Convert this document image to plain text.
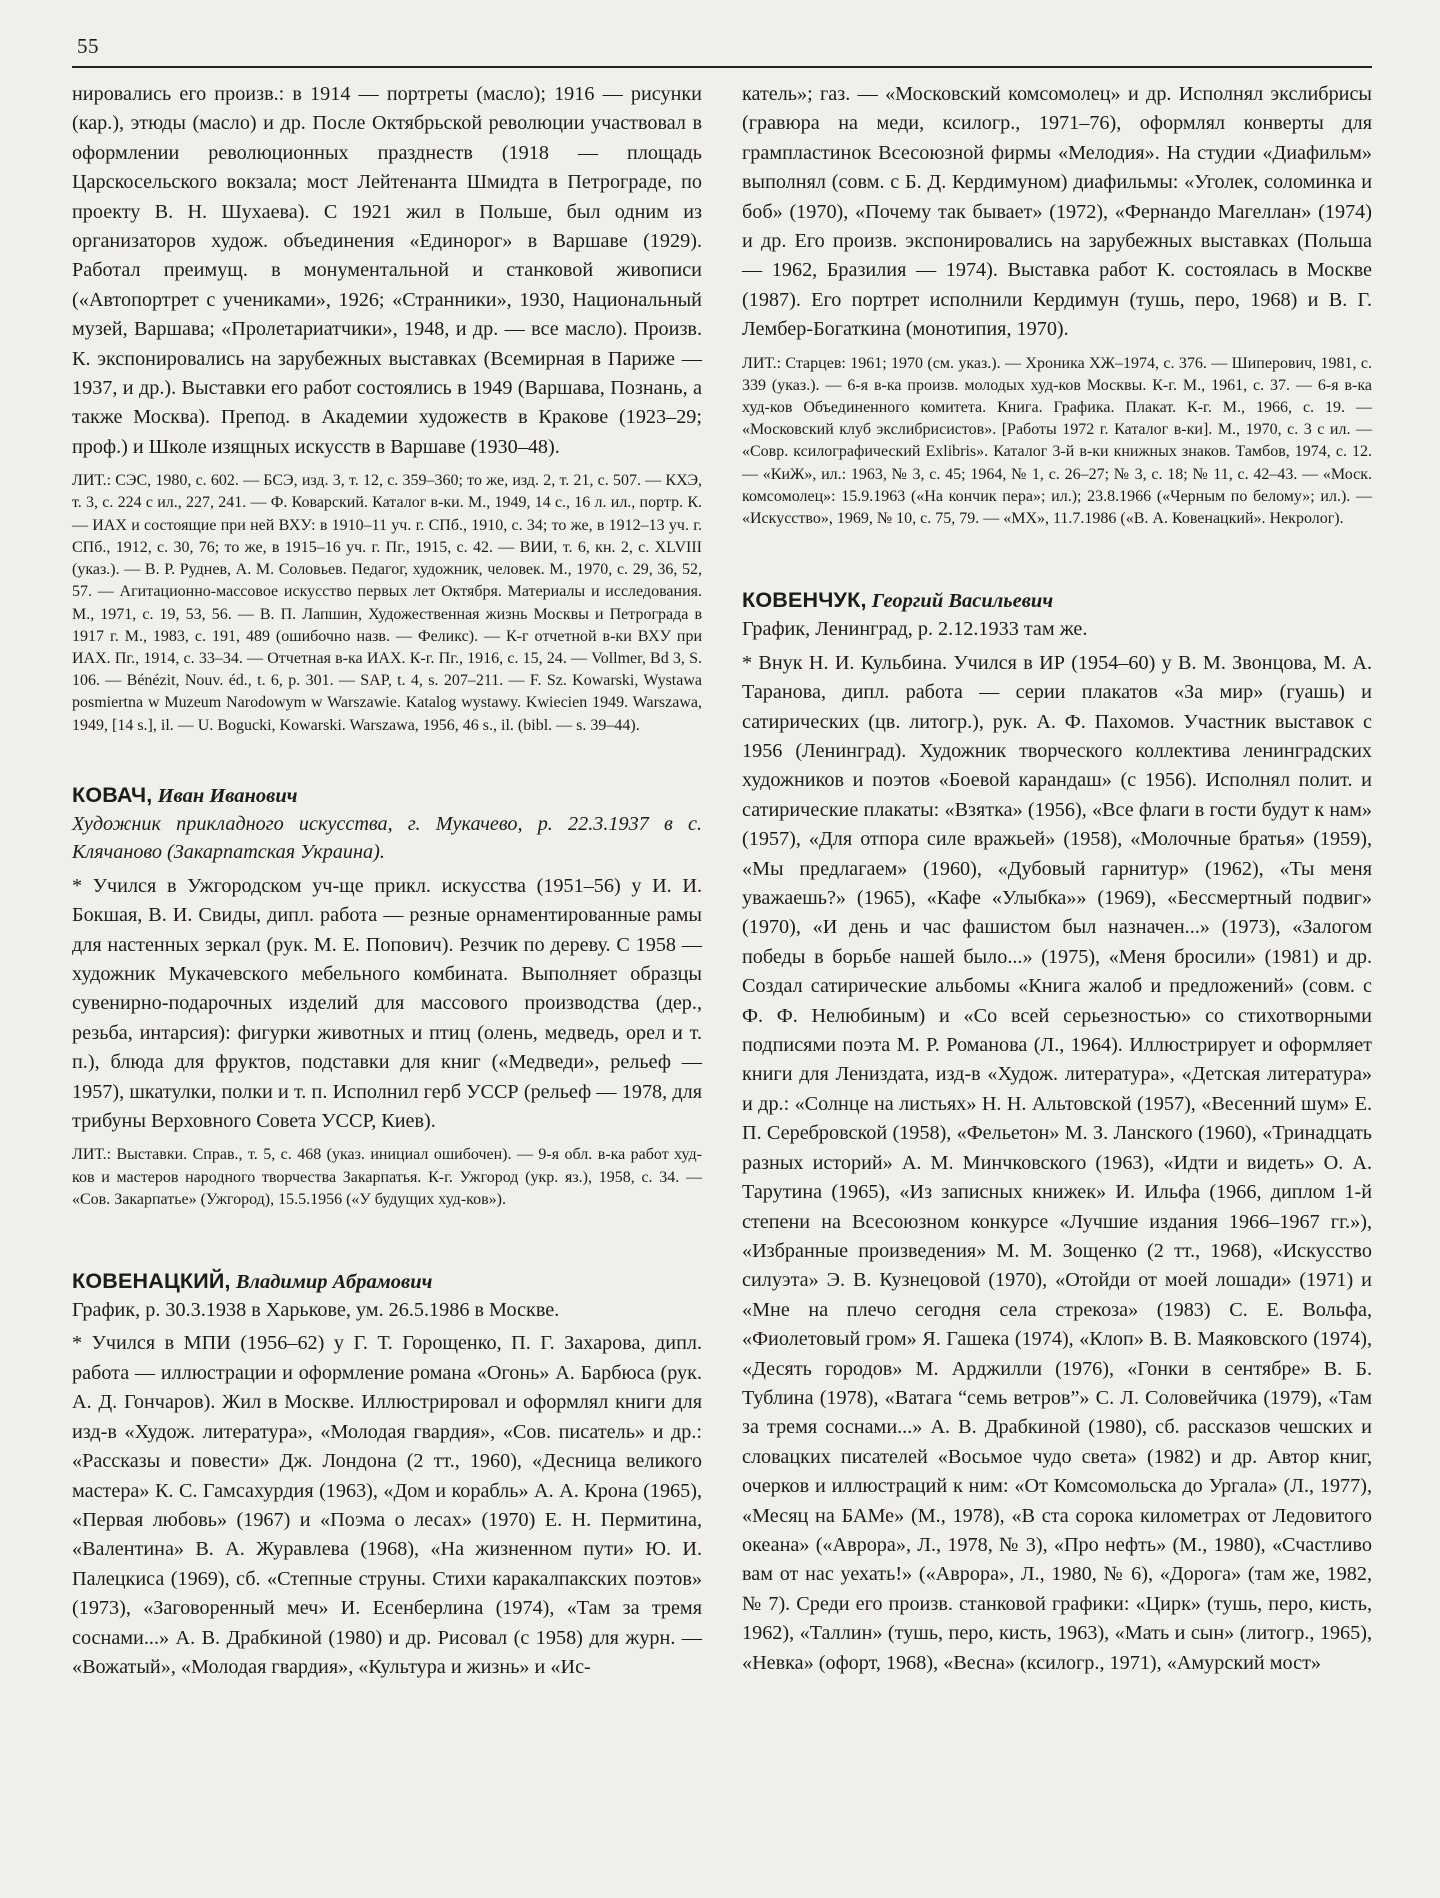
55

нировались его произв.: в 1914 — портреты (масло); 1916 — рисунки (кар.), этюды (масло) и др. После Октябрьской революции участвовал в оформлении революционных празднеств (1918 — площадь Царскосельского вокзала; мост Лейтенанта Шмидта в Петрограде, по проекту В. Н. Шухаева). С 1921 жил в Польше, был одним из организаторов худож. объединения «Единорог» в Варшаве (1929). Работал преимущ. в монументальной и станковой живописи («Автопортрет с учениками», 1926; «Странники», 1930, Национальный музей, Варшава; «Пролетариатчики», 1948, и др. — все масло). Произв. К. экспонировались на зарубежных выставках (Всемирная в Париже — 1937, и др.). Выставки его работ состоялись в 1949 (Варшава, Познань, а также Москва). Препод. в Академии художеств в Кракове (1923–29; проф.) и Школе изящных искусств в Варшаве (1930–48).

ЛИТ.: СЭС, 1980, с. 602. — БСЭ, изд. 3, т. 12, с. 359–360; то же, изд. 2, т. 21, с. 507. — КХЭ, т. 3, с. 224 с ил., 227, 241. — Ф. Коварский. Каталог в-ки. М., 1949, 14 с., 16 л. ил., портр. К. — ИАХ и состоящие при ней ВХУ: в 1910–11 уч. г. СПб., 1910, с. 34; то же, в 1912–13 уч. г. СПб., 1912, с. 30, 76; то же, в 1915–16 уч. г. Пг., 1915, с. 42. — ВИИ, т. 6, кн. 2, с. XLVIII (указ.). — В. Р. Руднев, А. М. Соловьев. Педагог, художник, человек. М., 1970, с. 29, 36, 52, 57. — Агитационно-массовое искусство первых лет Октября. Материалы и исследования. М., 1971, с. 19, 53, 56. — В. П. Лапшин, Художественная жизнь Москвы и Петрограда в 1917 г. М., 1983, с. 191, 489 (ошибочно назв. — Феликс). — К-г отчетной в-ки ВХУ при ИАХ. Пг., 1914, с. 33–34. — Отчетная в-ка ИАХ. К-г. Пг., 1916, с. 15, 24. — Vollmer, Bd 3, S. 106. — Bénézit, Nouv. éd., t. 6, p. 301. — SAP, t. 4, s. 207–211. — F. Sz. Kowarski, Wystawa posmiertna w Muzeum Narodowym w Warszawie. Katalog wystawy. Kwiecien 1949. Warszawa, 1949, [14 s.], il. — U. Bogucki, Kowarski. Warszawa, 1956, 46 s., il. (bibl. — s. 39–44).

КОВАЧ, Иван Иванович

Художник прикладного искусства, г. Мукачево, р. 22.3.1937 в с. Клячаново (Закарпатская Украина).

* Учился в Ужгородском уч-ще прикл. искусства (1951–56) у И. И. Бокшая, В. И. Свиды, дипл. работа — резные орнаментированные рамы для настенных зеркал (рук. М. Е. Попович). Резчик по дереву. С 1958 — художник Мукачевского мебельного комбината. Выполняет образцы сувенирно-подарочных изделий для массового производства (дер., резьба, интарсия): фигурки животных и птиц (олень, медведь, орел и т. п.), блюда для фруктов, подставки для книг («Медведи», рельеф — 1957), шкатулки, полки и т. п. Исполнил герб УССР (рельеф — 1978, для трибуны Верховного Совета УССР, Киев).

ЛИТ.: Выставки. Справ., т. 5, с. 468 (указ. инициал ошибочен). — 9-я обл. в-ка работ худ-ков и мастеров народного творчества Закарпатья. К-г. Ужгород (укр. яз.), 1958, с. 34. — «Сов. Закарпатье» (Ужгород), 15.5.1956 («У будущих худ-ков»).

КОВЕНАЦКИЙ, Владимир Абрамович

График, р. 30.3.1938 в Харькове, ум. 26.5.1986 в Москве.

* Учился в МПИ (1956–62) у Г. Т. Горощенко, П. Г. Захарова, дипл. работа — иллюстрации и оформление романа «Огонь» А. Барбюса (рук. А. Д. Гончаров). Жил в Москве. Иллюстрировал и оформлял книги для изд-в «Худож. литература», «Молодая гвардия», «Сов. писатель» и др.: «Рассказы и повести» Дж. Лондона (2 тт., 1960), «Десница великого мастера» К. С. Гамсахурдия (1963), «Дом и корабль» А. А. Крона (1965), «Первая любовь» (1967) и «Поэма о лесах» (1970) Е. Н. Пермитина, «Валентина» В. А. Журавлева (1968), «На жизненном пути» Ю. И. Палецкиса (1969), сб. «Степные струны. Стихи каракалпакских поэтов» (1973), «Заговоренный меч» И. Есенберлина (1974), «Там за тремя соснами...» А. В. Драбкиной (1980) и др. Рисовал (с 1958) для журн. — «Вожатый», «Молодая гвардия», «Культура и жизнь» и «Ис-

катель»; газ. — «Московский комсомолец» и др. Исполнял экслибрисы (гравюра на меди, ксилогр., 1971–76), оформлял конверты для грампластинок Всесоюзной фирмы «Мелодия». На студии «Диафильм» выполнял (совм. с Б. Д. Кердимуном) диафильмы: «Уголек, соломинка и боб» (1970), «Почему так бывает» (1972), «Фернандо Магеллан» (1974) и др. Его произв. экспонировались на зарубежных выставках (Польша — 1962, Бразилия — 1974). Выставка работ К. состоялась в Москве (1987). Его портрет исполнили Кердимун (тушь, перо, 1968) и В. Г. Лембер-Богаткина (монотипия, 1970).

ЛИТ.: Старцев: 1961; 1970 (см. указ.). — Хроника ХЖ–1974, с. 376. — Шиперович, 1981, с. 339 (указ.). — 6-я в-ка произв. молодых худ-ков Москвы. К-г. М., 1961, с. 37. — 6-я в-ка худ-ков Объединенного комитета. Книга. Графика. Плакат. К-г. М., 1966, с. 19. — «Московский клуб экслибрисистов». [Работы 1972 г. Каталог в-ки]. М., 1970, с. 3 с ил. — «Совр. ксилографический Exlibris». Каталог 3-й в-ки книжных знаков. Тамбов, 1974, с. 12. — «КиЖ», ил.: 1963, № 3, с. 45; 1964, № 1, с. 26–27; № 3, с. 18; № 11, с. 42–43. — «Моск. комсомолец»: 15.9.1963 («На кончик пера»; ил.); 23.8.1966 («Черным по белому»; ил.). — «Искусство», 1969, № 10, с. 75, 79. — «МХ», 11.7.1986 («В. А. Ковенацкий». Некролог).

КОВЕНЧУК, Георгий Васильевич

График, Ленинград, р. 2.12.1933 там же.

* Внук Н. И. Кульбина. Учился в ИР (1954–60) у В. М. Звонцова, М. А. Таранова, дипл. работа — серии плакатов «За мир» (гуашь) и сатирических (цв. литогр.), рук. А. Ф. Пахомов. Участник выставок с 1956 (Ленинград). Художник творческого коллектива ленинградских художников и поэтов «Боевой карандаш» (с 1956). Исполнял полит. и сатирические плакаты: «Взятка» (1956), «Все флаги в гости будут к нам» (1957), «Для отпора силе вражьей» (1958), «Молочные братья» (1959), «Мы предлагаем» (1960), «Дубовый гарнитур» (1962), «Ты меня уважаешь?» (1965), «Кафе «Улыбка»» (1969), «Бессмертный подвиг» (1970), «И день и час фашистом был назначен...» (1973), «Залогом победы в борьбе нашей было...» (1975), «Меня бросили» (1981) и др. Создал сатирические альбомы «Книга жалоб и предложений» (совм. с Ф. Ф. Нелюбиным) и «Со всей серьезностью» со стихотворными подписями поэта М. Р. Романова (Л., 1964). Иллюстрирует и оформляет книги для Лениздата, изд-в «Худож. литература», «Детская литература» и др.: «Солнце на листьях» Н. Н. Альтовской (1957), «Весенний шум» Е. П. Серебровской (1958), «Фельетон» М. З. Ланского (1960), «Тринадцать разных историй» А. М. Минчковского (1963), «Идти и видеть» О. А. Тарутина (1965), «Из записных книжек» И. Ильфа (1966, диплом 1-й степени на Всесоюзном конкурсе «Лучшие издания 1966–1967 гг.»), «Избранные произведения» М. М. Зощенко (2 тт., 1968), «Искусство силуэта» Э. В. Кузнецовой (1970), «Отойди от моей лошади» (1971) и «Мне на плечо сегодня села стрекоза» (1983) С. Е. Вольфа, «Фиолетовый гром» Я. Гашека (1974), «Клоп» В. В. Маяковского (1974), «Десять городов» М. Арджилли (1976), «Гонки в сентябре» В. Б. Тублина (1978), «Ватага “семь ветров”» С. Л. Соловейчика (1979), «Там за тремя соснами...» А. В. Драбкиной (1980), сб. рассказов чешских и словацких писателей «Восьмое чудо света» (1982) и др. Автор книг, очерков и иллюстраций к ним: «От Комсомольска до Ургала» (Л., 1977), «Месяц на БАМе» (М., 1978), «В ста сорока километрах от Ледовитого океана» («Аврора», Л., 1978, № 3), «Про нефть» (М., 1980), «Счастливо вам от нас уехать!» («Аврора», Л., 1980, № 6), «Дорога» (там же, 1982, № 7). Среди его произв. станковой графики: «Цирк» (тушь, перо, кисть, 1962), «Таллин» (тушь, перо, кисть, 1963), «Мать и сын» (литогр., 1965), «Невка» (офорт, 1968), «Весна» (ксилогр., 1971), «Амурский мост»
